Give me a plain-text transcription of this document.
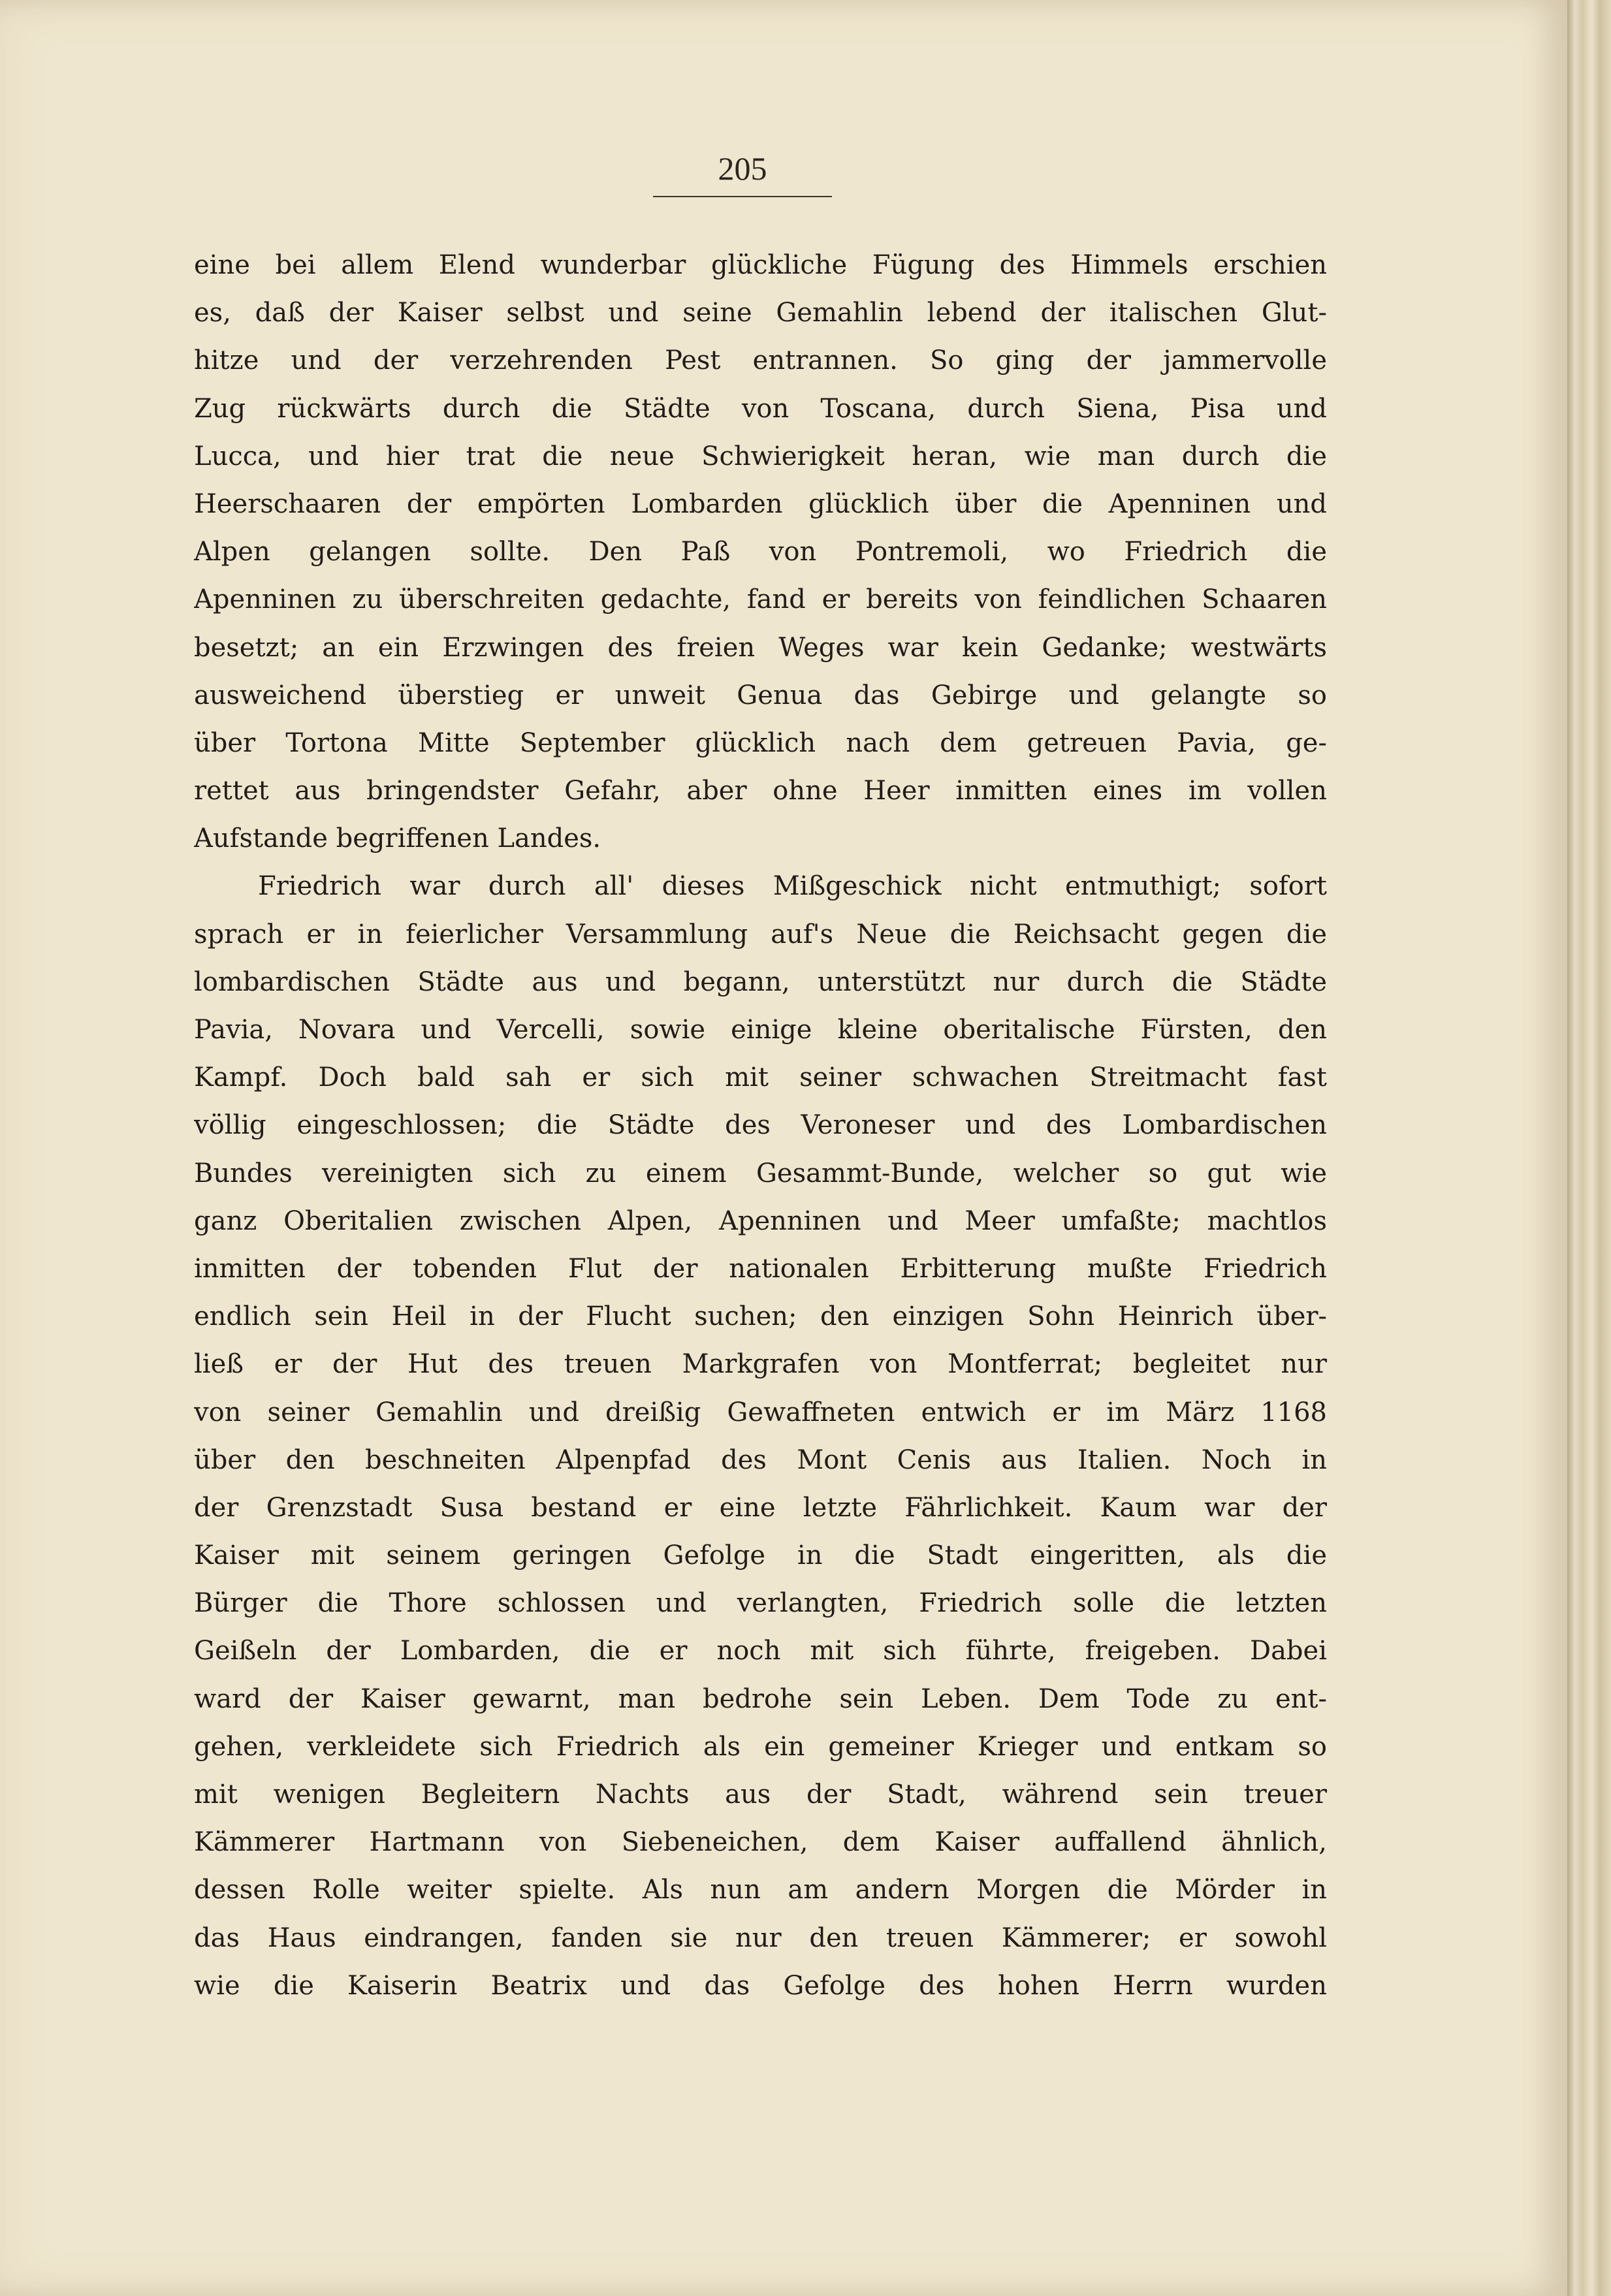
205
eine bei allem Elend wunderbar glückliche Fügung des Himmels erschien
es, daß der Kaiser selbst und seine Gemahlin lebend der italischen Glut-
hitze und der verzehrenden Pest entrannen. So ging der jammervolle
Zug rückwärts durch die Städte von Toscana, durch Siena, Pisa und
Lucca, und hier trat die neue Schwierigkeit heran, wie man durch die
Heerschaaren der empörten Lombarden glücklich über die Apenninen und
Alpen gelangen sollte. Den Paß von Pontremoli, wo Friedrich die
Apenninen zu überschreiten gedachte, fand er bereits von feindlichen Schaaren
besetzt; an ein Erzwingen des freien Weges war kein Gedanke; westwärts
ausweichend überstieg er unweit Genua das Gebirge und gelangte so
über Tortona Mitte September glücklich nach dem getreuen Pavia, ge-
rettet aus bringendster Gefahr, aber ohne Heer inmitten eines im vollen
Aufstande begriffenen Landes.
Friedrich war durch all' dieses Mißgeschick nicht entmuthigt; sofort
sprach er in feierlicher Versammlung auf's Neue die Reichsacht gegen die
lombardischen Städte aus und begann, unterstützt nur durch die Städte
Pavia, Novara und Vercelli, sowie einige kleine oberitalische Fürsten, den
Kampf. Doch bald sah er sich mit seiner schwachen Streitmacht fast
völlig eingeschlossen; die Städte des Veroneser und des Lombardischen
Bundes vereinigten sich zu einem Gesammt-Bunde, welcher so gut wie
ganz Oberitalien zwischen Alpen, Apenninen und Meer umfaßte; machtlos
inmitten der tobenden Flut der nationalen Erbitterung mußte Friedrich
endlich sein Heil in der Flucht suchen; den einzigen Sohn Heinrich über-
ließ er der Hut des treuen Markgrafen von Montferrat; begleitet nur
von seiner Gemahlin und dreißig Gewaffneten entwich er im März 1168
über den beschneiten Alpenpfad des Mont Cenis aus Italien. Noch in
der Grenzstadt Susa bestand er eine letzte Fährlichkeit. Kaum war der
Kaiser mit seinem geringen Gefolge in die Stadt eingeritten, als die
Bürger die Thore schlossen und verlangten, Friedrich solle die letzten
Geißeln der Lombarden, die er noch mit sich führte, freigeben. Dabei
ward der Kaiser gewarnt, man bedrohe sein Leben. Dem Tode zu ent-
gehen, verkleidete sich Friedrich als ein gemeiner Krieger und entkam so
mit wenigen Begleitern Nachts aus der Stadt, während sein treuer
Kämmerer Hartmann von Siebeneichen, dem Kaiser auffallend ähnlich,
dessen Rolle weiter spielte. Als nun am andern Morgen die Mörder in
das Haus eindrangen, fanden sie nur den treuen Kämmerer; er sowohl
wie die Kaiserin Beatrix und das Gefolge des hohen Herrn wurden
